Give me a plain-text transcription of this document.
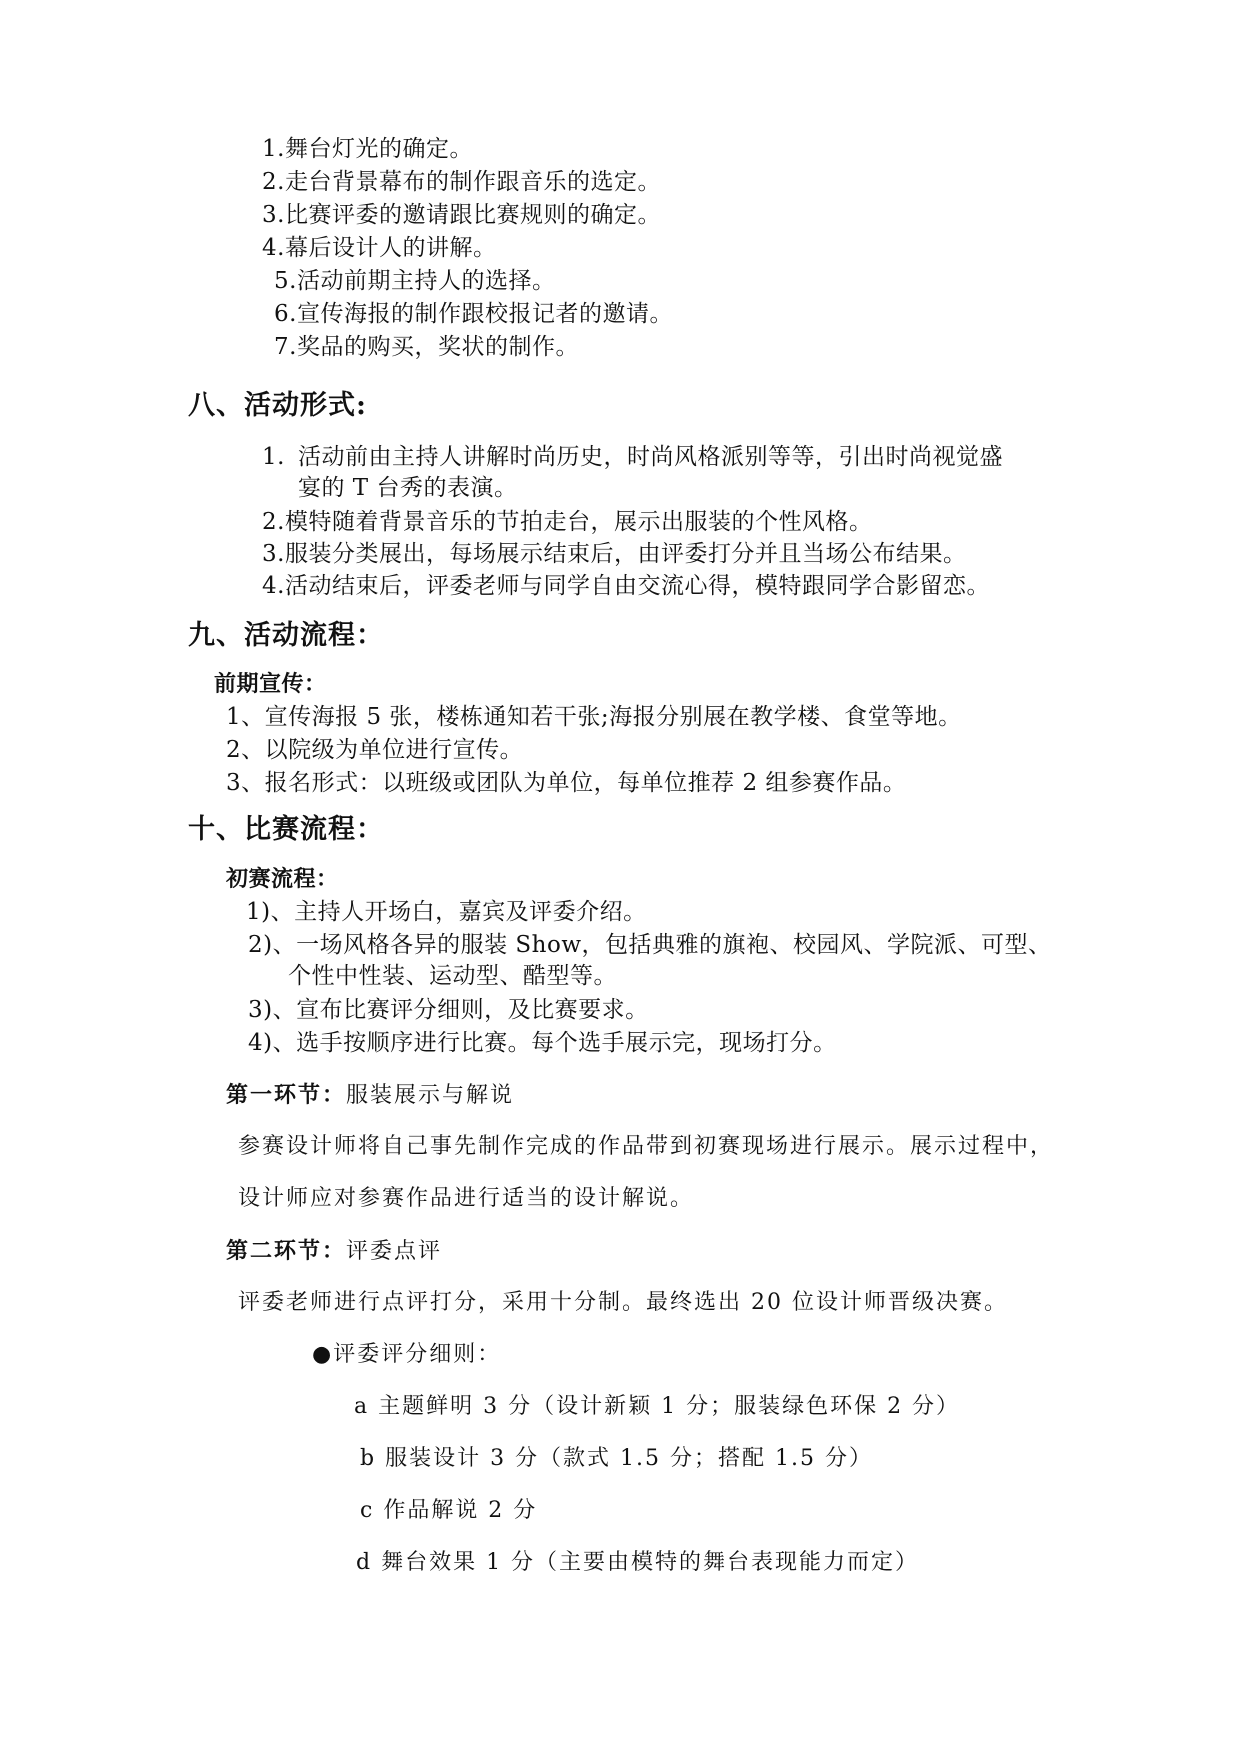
1.舞台灯光的确定。
2.走台背景幕布的制作跟音乐的选定。
3.比赛评委的邀请跟比赛规则的确定。
4.幕后设计人的讲解。
5.活动前期主持人的选择。
6.宣传海报的制作跟校报记者的邀请。
7.奖品的购买，奖状的制作。
八、活动形式:
1. 活动前由主持人讲解时尚历史，时尚风格派别等等，引出时尚视觉盛
宴的 T 台秀的表演。
2.模特随着背景音乐的节拍走台，展示出服装的个性风格。
3.服装分类展出，每场展示结束后，由评委打分并且当场公布结果。
4.活动结束后，评委老师与同学自由交流心得，模特跟同学合影留恋。
九、活动流程：
前期宣传：
1、宣传海报 5 张，楼栋通知若干张;海报分别展在教学楼、食堂等地。
2、以院级为单位进行宣传。
3、报名形式：以班级或团队为单位，每单位推荐 2 组参赛作品。
十、比赛流程：
初赛流程：
1)、主持人开场白，嘉宾及评委介绍。
2)、一场风格各异的服装 Show，包括典雅的旗袍、校园风、学院派、可型、
个性中性装、运动型、酷型等。
3)、宣布比赛评分细则，及比赛要求。
4)、选手按顺序进行比赛。每个选手展示完，现场打分。
第一环节：服装展示与解说
参赛设计师将自己事先制作完成的作品带到初赛现场进行展示。展示过程中，
设计师应对参赛作品进行适当的设计解说。
第二环节：评委点评
评委老师进行点评打分，采用十分制。最终选出 20 位设计师晋级决赛。
●评委评分细则：
a 主题鲜明 3 分（设计新颖 1 分；服装绿色环保 2 分）
b 服装设计 3 分（款式 1.5 分；搭配 1.5 分）
c 作品解说 2 分
d 舞台效果 1 分（主要由模特的舞台表现能力而定）
